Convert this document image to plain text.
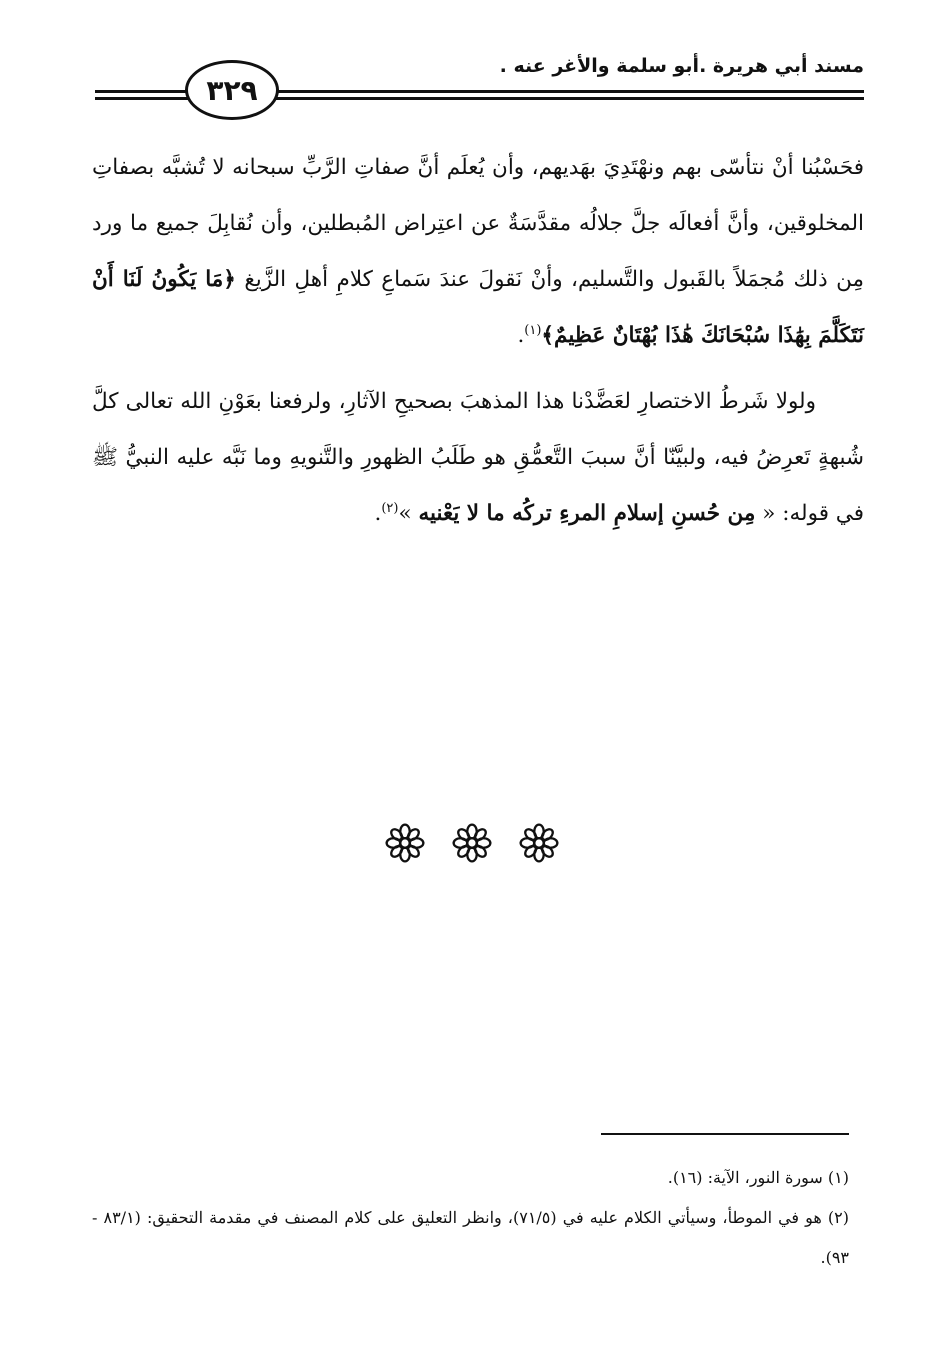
مسند أبي هريرة .أبو سلمة والأغر عنه .
٣٢٩

فحَسْبُنا أنْ نتأسّى بهم ونهْتَدِيَ بهَديهم، وأن يُعلَم أنَّ صفاتِ الرَّبِّ سبحانه لا تُشبَّه بصفاتِ المخلوقين، وأنَّ أفعالَه جلَّ جلالُه مقدَّسَةٌ عن اعتِراض المُبطلين، وأن نُقابِلَ جميع ما ورد مِن ذلك مُجمَلاً بالقَبول والتَّسليم، وأنْ نَقولَ عندَ سَماعِ كلامِ أهلِ الزَّيغ ﴿مَا يَكُونُ لَنَا أَنْ نَتَكَلَّمَ بِهَٰذَا سُبْحَانَكَ هَٰذَا بُهْتَانٌ عَظِيمٌ﴾$^{(١)}$.

ولولا شَرطُ الاختصارِ لعَضَّدْنا هذا المذهبَ بصحيحِ الآثارِ، ولرفعنا بعَوْنِ الله تعالى كلَّ شُبهةٍ تَعرِضُ فيه، ولبيَّنّا أنَّ سببَ التَّعمُّقِ هو طَلَبُ الظهورِ والتَّنويهِ وما نَبَّه عليه النبيُّ ﷺ في قوله: « مِن حُسنِ إسلامِ المرءِ تركُه ما لا يَعْنيه »$^{(٢)}$.

(١) سورة النور، الآية: (١٦).

(٢) هو في الموطأ، وسيأتي الكلام عليه في (٧١/٥)، وانظر التعليق على كلام المصنف في مقدمة التحقيق: (٨٣/١ - ٩٣).
